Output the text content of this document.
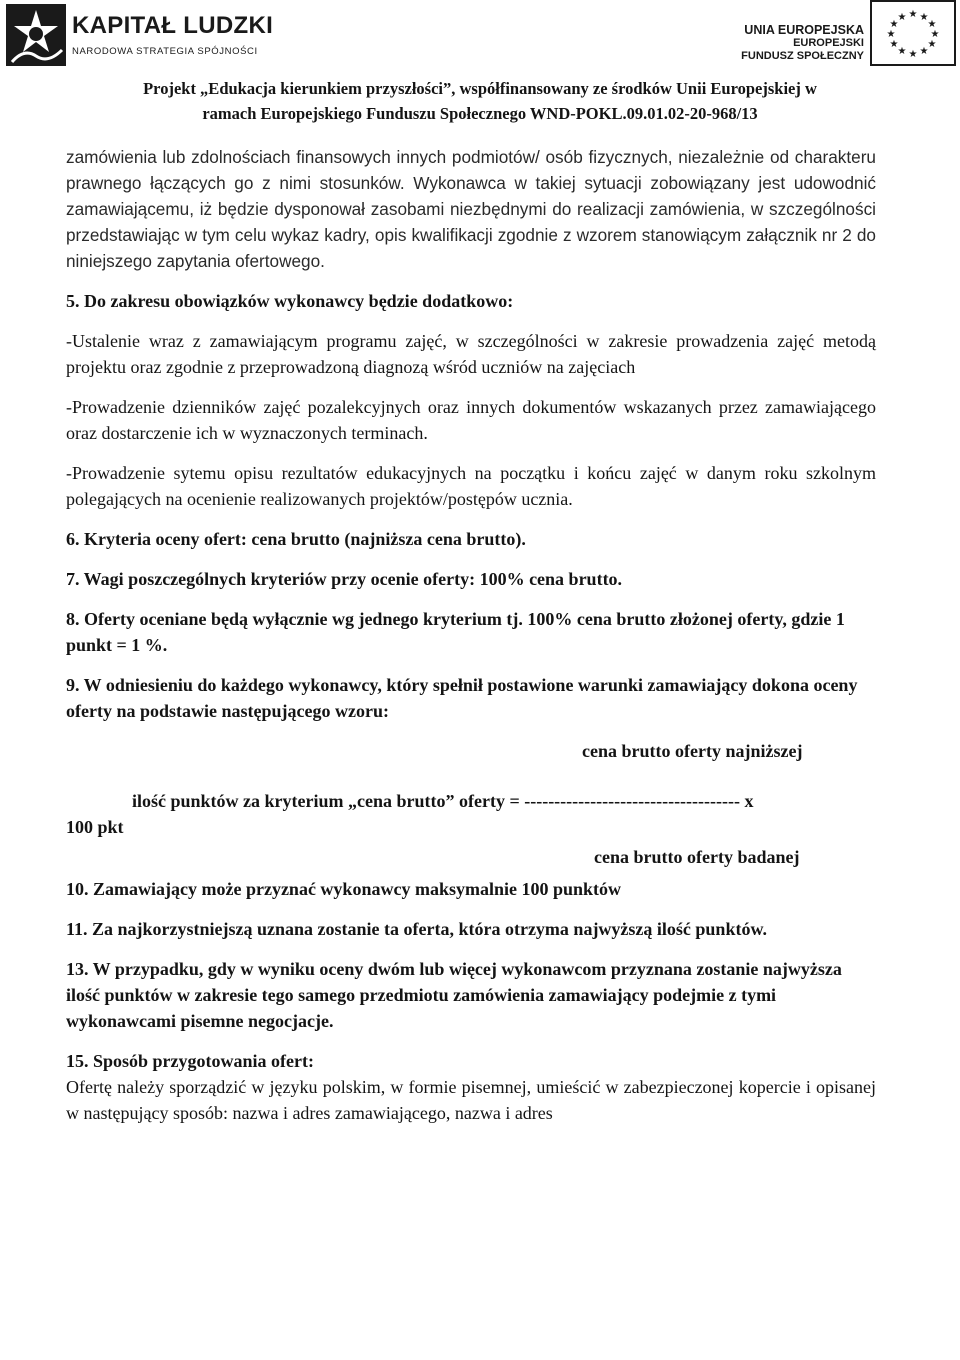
KAPITAŁ LUDZKI
NARODOWA STRATEGIA SPÓJNOŚCI
UNIA EUROPEJSKA
EUROPEJSKI
FUNDUSZ SPOŁECZNY
★ ★
★
★
★
★
★
★
★
★
★
★
Projekt „Edukacja kierunkiem przyszłości”, współfinansowany ze środków Unii Europejskiej w
ramach Europejskiego Funduszu Społecznego WND-POKL.09.01.02-20-968/13

zamówienia lub zdolnościach finansowych innych podmiotów/ osób fizycznych, niezależnie od charakteru prawnego łączących go z nimi stosunków. Wykonawca w takiej sytuacji zobowiązany jest udowodnić zamawiającemu, iż będzie dysponował zasobami niezbędnymi do realizacji zamówienia, w szczególności przedstawiając w tym celu wykaz kadry, opis kwalifikacji zgodnie z wzorem stanowiącym załącznik nr 2 do niniejszego zapytania ofertowego.

5. Do zakresu obowiązków wykonawcy będzie dodatkowo:

-Ustalenie wraz z zamawiającym programu zajęć, w szczególności w zakresie prowadzenia zajęć metodą projektu oraz zgodnie z przeprowadzoną diagnozą wśród uczniów na zajęciach

-Prowadzenie dzienników zajęć pozalekcyjnych oraz innych dokumentów wskazanych przez zamawiającego oraz dostarczenie ich w wyznaczonych terminach.

-Prowadzenie sytemu opisu rezultatów edukacyjnych na początku i końcu zajęć w danym roku szkolnym polegających na ocenienie realizowanych projektów/postępów ucznia.

6. Kryteria oceny ofert: cena brutto (najniższa cena brutto).

7. Wagi poszczególnych kryteriów przy ocenie oferty: 100% cena brutto.

8. Oferty oceniane będą wyłącznie wg jednego kryterium tj. 100% cena brutto złożonej oferty, gdzie 1 punkt = 1 %.

9. W odniesieniu do każdego wykonawcy, który spełnił postawione warunki zamawiający dokona oceny oferty na podstawie następującego wzoru:

cena brutto oferty najniższej
ilość punktów za kryterium „cena brutto” oferty = ------------------------------------ x
100 pkt
cena brutto oferty badanej

10. Zamawiający może przyznać wykonawcy maksymalnie 100 punktów

11. Za najkorzystniejszą uznana zostanie ta oferta, która otrzyma najwyższą ilość punktów.

13. W przypadku, gdy w wyniku oceny dwóm lub więcej wykonawcom przyznana zostanie najwyższa ilość punktów w zakresie tego samego przedmiotu zamówienia zamawiający podejmie z tymi wykonawcami pisemne negocjacje.

15. Sposób przygotowania ofert:

Ofertę należy sporządzić w języku polskim, w formie pisemnej, umieścić w zabezpieczonej kopercie i opisanej w następujący sposób: nazwa i adres zamawiającego, nazwa i adres
